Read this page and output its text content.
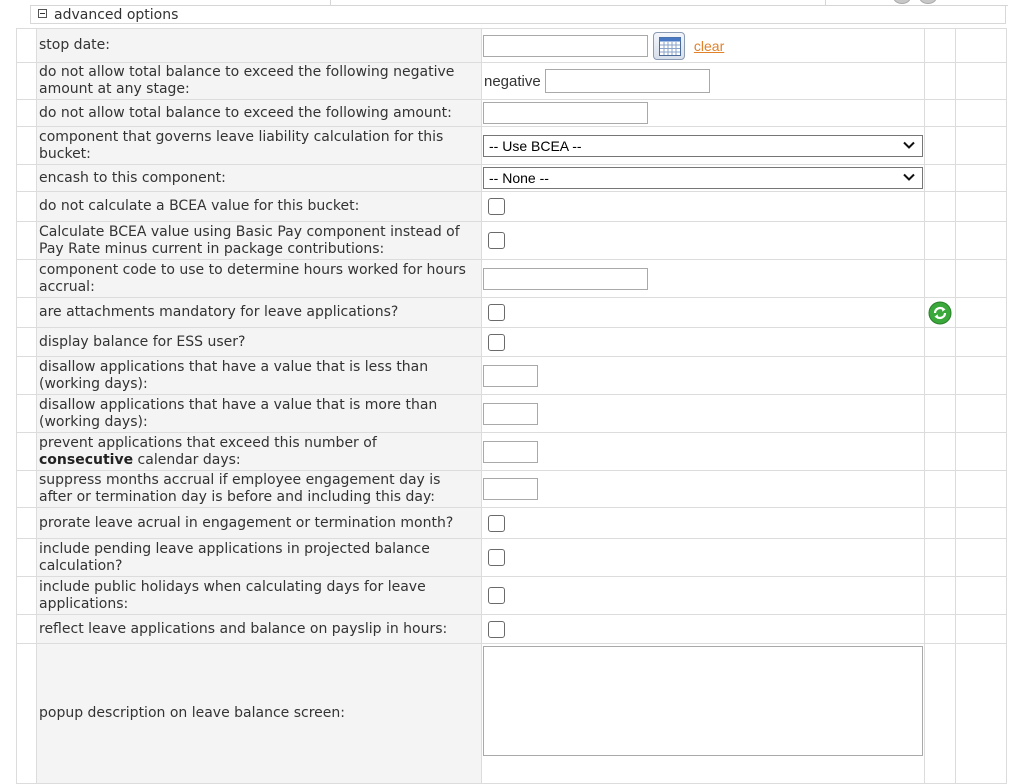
advanced options
	stop date:	clear		
	do not allow total balance to exceed the following negative amount at any stage:	negative		
	do not allow total balance to exceed the following amount:			
	component that governs leave liability calculation for this bucket:	-- Use BCEA --		

	encash to this component:	-- None --		

	do not calculate a BCEA value for this bucket:			
	Calculate BCEA value using Basic Pay component instead of Pay Rate minus current in package contributions:			
	component code to use to determine hours worked for hours accrual:			
	are attachments mandatory for leave applications?			
	display balance for ESS user?			
	disallow applications that have a value that is less than (working days):			
	disallow applications that have a value that is more than (working days):			
	prevent applications that exceed this number of consecutive calendar days:			
	suppress months accrual if employee engagement day is after or termination day is before and including this day:			
	prorate leave acrual in engagement or termination month?			
	include pending leave applications in projected balance calculation?			
	include public holidays when calculating days for leave applications:			
	reflect leave applications and balance on payslip in hours:			
	popup description on leave balance screen:	
